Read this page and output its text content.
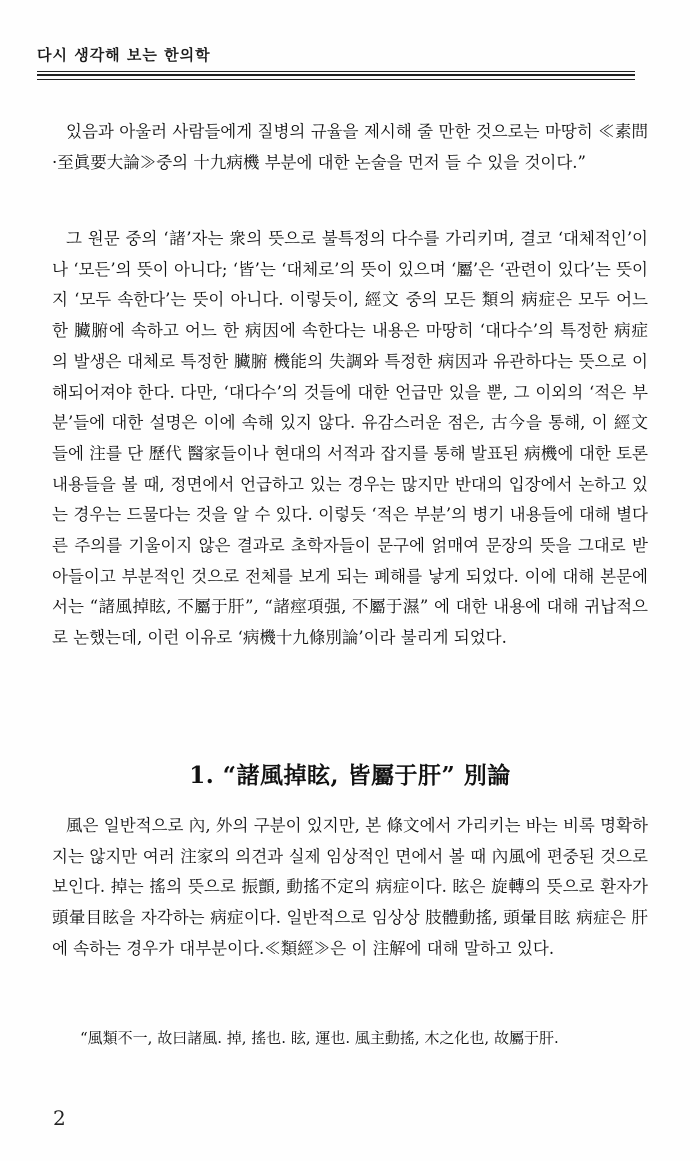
다시 생각해 보는 한의학

있음과 아울러 사람들에게 질병의 규율을 제시해 줄 만한 것으로는 마땅히 ≪素問·至眞要大論≫중의 十九病機 부분에 대한 논술을 먼저 들 수 있을 것이다.”

그 원문 중의 ‘諸’자는 衆의 뜻으로 불특정의 다수를 가리키며, 결코 ‘대체적인’이나 ‘모든’의 뜻이 아니다; ‘皆’는 ‘대체로’의 뜻이 있으며 ‘屬’은 ‘관련이 있다’는 뜻이지 ‘모두 속한다’는 뜻이 아니다. 이렇듯이, 經文 중의 모든 類의 病症은 모두 어느 한 臟腑에 속하고 어느 한 病因에 속한다는 내용은 마땅히 ‘대다수’의 특정한 病症의 발생은 대체로 특정한 臟腑 機能의 失調와 특정한 病因과 유관하다는 뜻으로 이해되어져야 한다. 다만, ‘대다수’의 것들에 대한 언급만 있을 뿐, 그 이외의 ‘적은 부분’들에 대한 설명은 이에 속해 있지 않다. 유감스러운 점은, 古今을 통해, 이 經文들에 注를 단 歷代 醫家들이나 현대의 서적과 잡지를 통해 발표된 病機에 대한 토론 내용들을 볼 때, 정면에서 언급하고 있는 경우는 많지만 반대의 입장에서 논하고 있는 경우는 드물다는 것을 알 수 있다. 이렇듯 ‘적은 부분’의 병기 내용들에 대해 별다른 주의를 기울이지 않은 결과로 초학자들이 문구에 얽매여 문장의 뜻을 그대로 받아들이고 부분적인 것으로 전체를 보게 되는 폐해를 낳게 되었다. 이에 대해 본문에서는 “諸風掉眩, 不屬于肝”, “諸痙項强, 不屬于濕” 에 대한 내용에 대해 귀납적으로 논했는데, 이런 이유로 ‘病機十九條別論’이라 불리게 되었다.

1. “諸風掉眩, 皆屬于肝” 別論

風은 일반적으로 內, 外의 구분이 있지만, 본 條文에서 가리키는 바는 비록 명확하지는 않지만 여러 注家의 의견과 실제 임상적인 면에서 볼 때 內風에 편중된 것으로 보인다. 掉는 搖의 뜻으로 振顫, 動搖不定의 病症이다. 眩은 旋轉의 뜻으로 환자가 頭暈目眩을 자각하는 病症이다. 일반적으로 임상상 肢體動搖, 頭暈目眩 病症은 肝에 속하는 경우가 대부분이다.≪類經≫은 이 注解에 대해 말하고 있다.

“風類不一, 故曰諸風. 掉, 搖也. 眩, 運也. 風主動搖, 木之化也, 故屬于肝.

2
